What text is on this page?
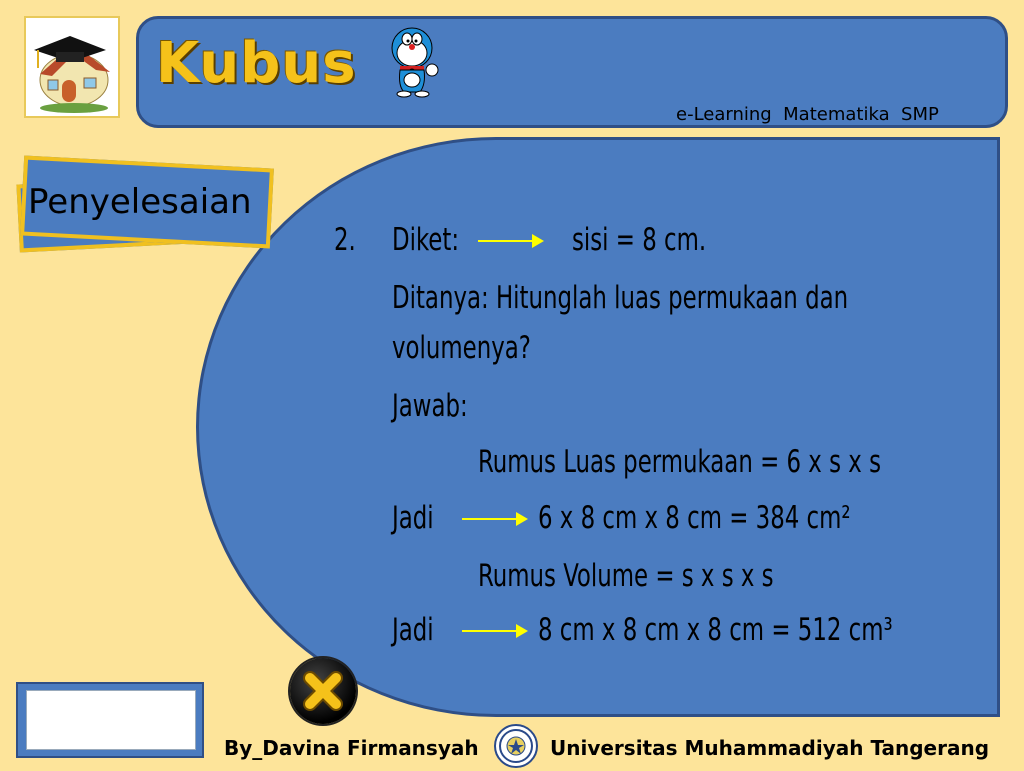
Kubus
e-Learning  Matematika  SMP
Penyelesaian
2. Diket:	sisi = 8 cm.
Ditanya: Hitunglah luas permukaan dan
volumenya?
Jawab:
Rumus Luas permukaan = 6 x s x s
Jadi	6 x 8 cm x 8 cm = 384 cm²
Rumus Volume = s x s x s
Jadi	8 cm x 8 cm x 8 cm = 512 cm³
By_Davina Firmansyah	Universitas Muhammadiyah Tangerang
